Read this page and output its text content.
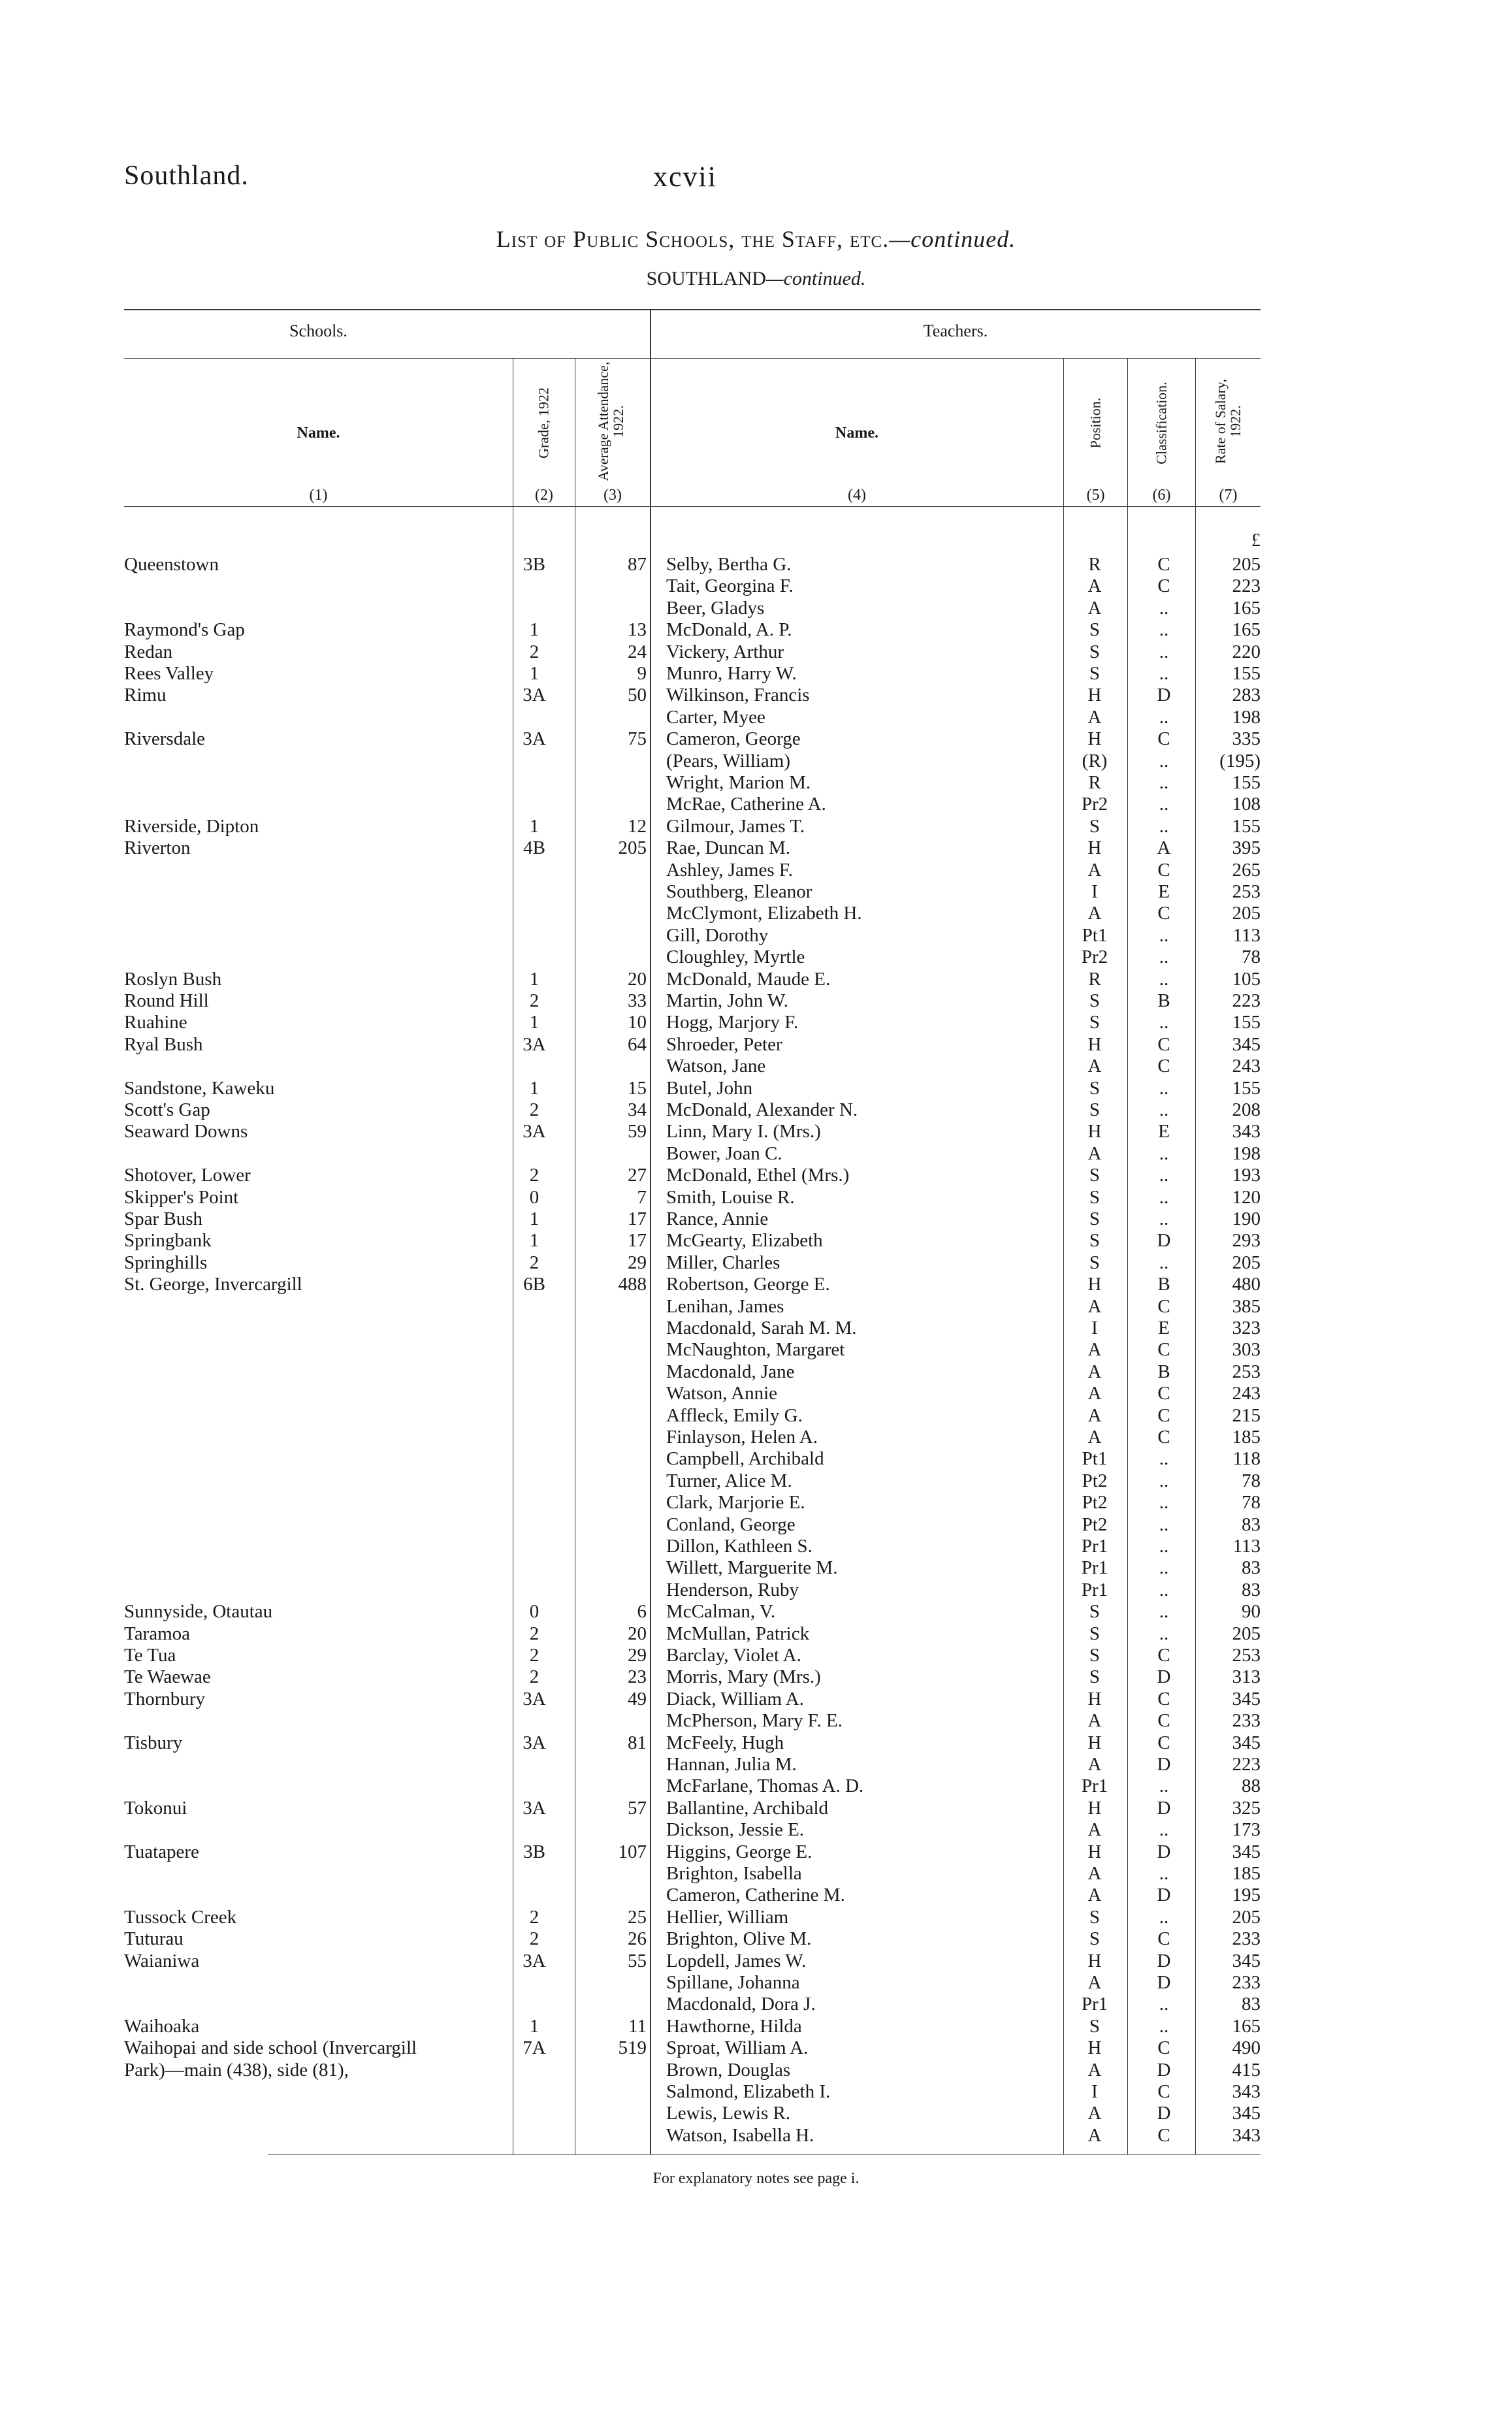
Southland.	xcvii
List of Public Schools, the Staff, etc.—continued.
SOUTHLAND—continued.
Schools.	Teachers.
Name.	Grade, 1922	Average Attendance, 1922.	Name.	Position.	Classification.	Rate of Salary, 1922.
(1)	(2)	(3)	(4)	(5)	(6)	(7)
£
Queenstown	3B	87 Selby, Bertha G.	R	C	205
Tait, Georgina F.	A	C	223
Beer, Gladys	A	..	165
Raymond's Gap	1	13 McDonald, A. P.	S	..	165
Redan	2	24 Vickery, Arthur	S	..	220
Rees Valley	1	9 Munro, Harry W.	S	..	155
Rimu	3A	50 Wilkinson, Francis	H	D	283
Carter, Myee	A	..	198
Riversdale	3A	75 Cameron, George	H	C	335
(Pears, William)	(R)	..	(195)
Wright, Marion M.	R	..	155
McRae, Catherine A.	Pr2	..	108
Riverside, Dipton	1	12 Gilmour, James T.	S	..	155
Riverton	4B	205 Rae, Duncan M.	H	A	395
Ashley, James F.	A	C	265
Southberg, Eleanor	I	E	253
McClymont, Elizabeth H.	A	C	205
Gill, Dorothy	Pt1	..	113
Cloughley, Myrtle	Pr2	..	78
Roslyn Bush	1	20 McDonald, Maude E.	R	..	105
Round Hill	2	33 Martin, John W.	S	B	223
Ruahine	1	10 Hogg, Marjory F.	S	..	155
Ryal Bush	3A	64 Shroeder, Peter	H	C	345
Watson, Jane	A	C	243
Sandstone, Kaweku	1	15 Butel, John	S	..	155
Scott's Gap	2	34 McDonald, Alexander N.	S	..	208
Seaward Downs	3A	59 Linn, Mary I. (Mrs.)	H	E	343
Bower, Joan C.	A	..	198
Shotover, Lower	2	27 McDonald, Ethel (Mrs.)	S	..	193
Skipper's Point	0	7 Smith, Louise R.	S	..	120
Spar Bush	1	17 Rance, Annie	S	..	190
Springbank	1	17 McGearty, Elizabeth	S	D	293
Springhills	2	29 Miller, Charles	S	..	205
St. George, Invercargill	6B	488 Robertson, George E.	H	B	480
Lenihan, James	A	C	385
Macdonald, Sarah M. M.	I	E	323
McNaughton, Margaret	A	C	303
Macdonald, Jane	A	B	253
Watson, Annie	A	C	243
Affleck, Emily G.	A	C	215
Finlayson, Helen A.	A	C	185
Campbell, Archibald	Pt1	..	118
Turner, Alice M.	Pt2	..	78
Clark, Marjorie E.	Pt2	..	78
Conland, George	Pt2	..	83
Dillon, Kathleen S.	Pr1	..	113
Willett, Marguerite M.	Pr1	..	83
Henderson, Ruby	Pr1	..	83
Sunnyside, Otautau	0	6 McCalman, V.	S	..	90
Taramoa	2	20 McMullan, Patrick	S	..	205
Te Tua	2	29 Barclay, Violet A.	S	C	253
Te Waewae	2	23 Morris, Mary (Mrs.)	S	D	313
Thornbury	3A	49 Diack, William A.	H	C	345
McPherson, Mary F. E.	A	C	233
Tisbury	3A	81 McFeely, Hugh	H	C	345
Hannan, Julia M.	A	D	223
McFarlane, Thomas A. D.	Pr1	..	88
Tokonui	3A	57 Ballantine, Archibald	H	D	325
Dickson, Jessie E.	A	..	173
Tuatapere	3B	107 Higgins, George E.	H	D	345
Brighton, Isabella	A	..	185
Cameron, Catherine M.	A	D	195
Tussock Creek	2	25 Hellier, William	S	..	205
Tuturau	2	26 Brighton, Olive M.	S	C	233
Waianiwa	3A	55 Lopdell, James W.	H	D	345
Spillane, Johanna	A	D	233
Macdonald, Dora J.	Pr1	..	83
Waihoaka	1	11 Hawthorne, Hilda	S	..	165
Waihopai and side school (Invercargill	7A	519 Sproat, William A.	H	C	490
Park)—main (438), side (81),	Brown, Douglas	A	D	415
Salmond, Elizabeth I.	I	C	343
Lewis, Lewis R.	A	D	345
Watson, Isabella H.	A	C	343
For explanatory notes see page i.
